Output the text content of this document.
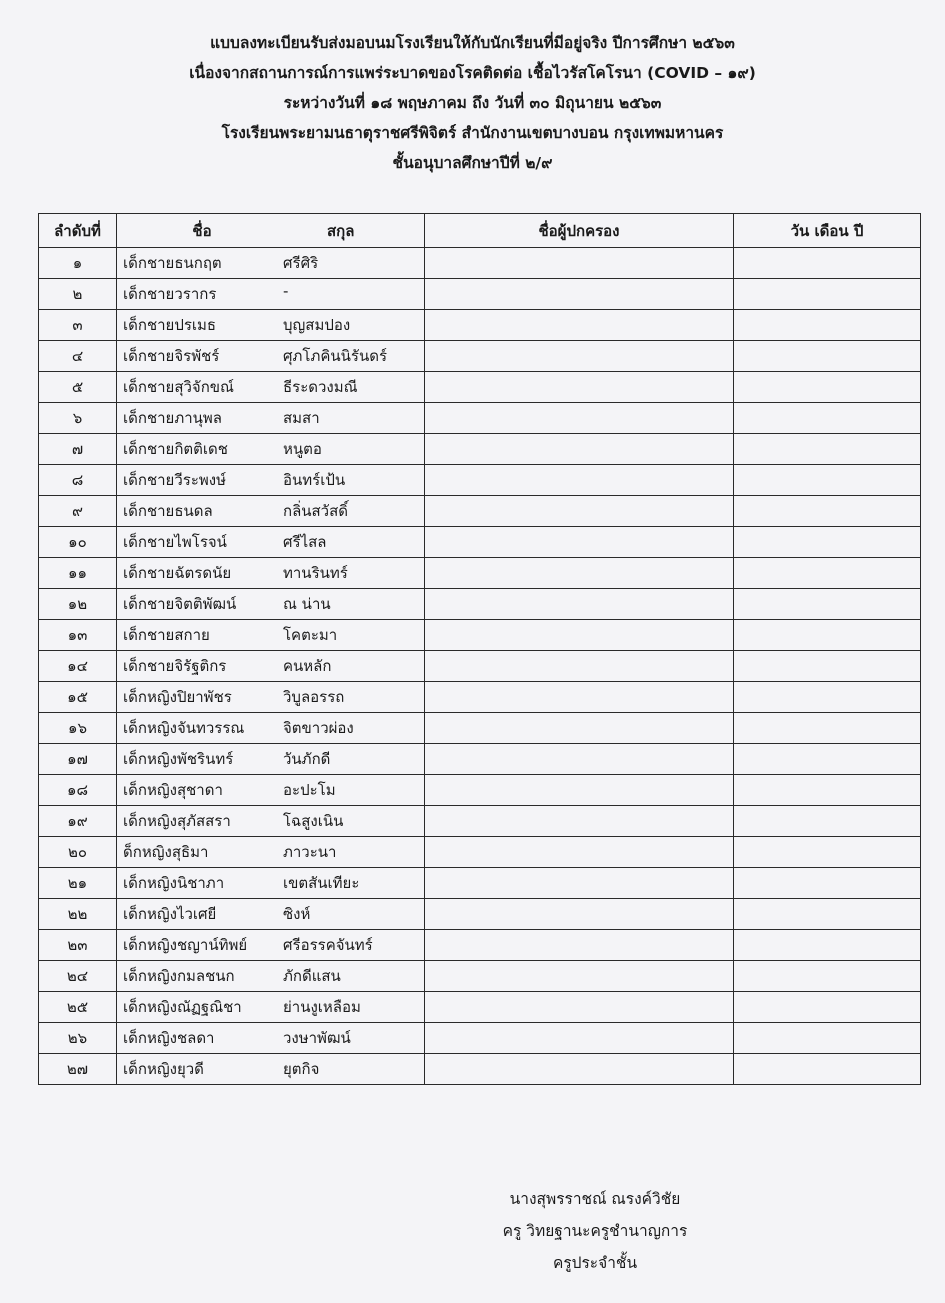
แบบลงทะเบียนรับส่งมอบนมโรงเรียนให้กับนักเรียนที่มีอยู่จริง ปีการศึกษา ๒๕๖๓
เนื่องจากสถานการณ์การแพร่ระบาดของโรคติดต่อ เชื้อไวรัสโคโรนา (COVID – ๑๙)
ระหว่างวันที่ ๑๘ พฤษภาคม ถึง วันที่ ๓๐ มิถุนายน ๒๕๖๓
โรงเรียนพระยามนธาตุราชศรีพิจิตร์ สำนักงานเขตบางบอน กรุงเทพมหานคร
ชั้นอนุบาลศึกษาปีที่ ๒/๙
ลำดับที่	ชื่อ สกุล	ชื่อผู้ปกครอง	วัน เดือน ปี
๑	เด็กชายธนกฤต ศรีศิริ		

๒	เด็กชายวรากร -		

๓	เด็กชายปรเมธ บุญสมปอง		

๔	เด็กชายจิรพัชร์ ศุภโภคินนิรันดร์		

๕	เด็กชายสุวิจักขณ์ ธีระดวงมณี		

๖	เด็กชายภานุพล สมสา		

๗	เด็กชายกิตติเดช หนูตอ		

๘	เด็กชายวีระพงษ์ อินทร์เป้น		

๙	เด็กชายธนดล กลิ่นสวัสดิ์		

๑๐	เด็กชายไพโรจน์ ศรีไสล		

๑๑	เด็กชายฉัตรดนัย ทานรินทร์		

๑๒	เด็กชายจิตติพัฒน์ ณ น่าน		

๑๓	เด็กชายสกาย โคตะมา		

๑๔	เด็กชายจิรัฐติกร คนหลัก		

๑๕	เด็กหญิงปิยาพัชร วิบูลอรรถ		

๑๖	เด็กหญิงจันทวรรณ จิตขาวผ่อง		

๑๗	เด็กหญิงพัชรินทร์ วันภักดี		

๑๘	เด็กหญิงสุชาดา อะปะโม		

๑๙	เด็กหญิงสุภัสสรา โฉสูงเนิน		

๒๐	ด็กหญิงสุธิมา ภาวะนา		

๒๑	เด็กหญิงนิชาภา เขตสันเทียะ		

๒๒	เด็กหญิงไวเศยี ซิงห์		

๒๓	เด็กหญิงชญาน์ทิพย์ ศรีอรรคจันทร์		

๒๔	เด็กหญิงกมลชนก ภักดีแสน		

๒๕	เด็กหญิงณัฏฐณิชา ย่านงูเหลือม		

๒๖	เด็กหญิงชลดา วงษาพัฒน์		

๒๗	เด็กหญิงยุวดี ยุตกิจ		

นางสุพรราชณ์ ณรงค์วิชัย
ครู วิทยฐานะครูชำนาญการ
ครูประจำชั้น
